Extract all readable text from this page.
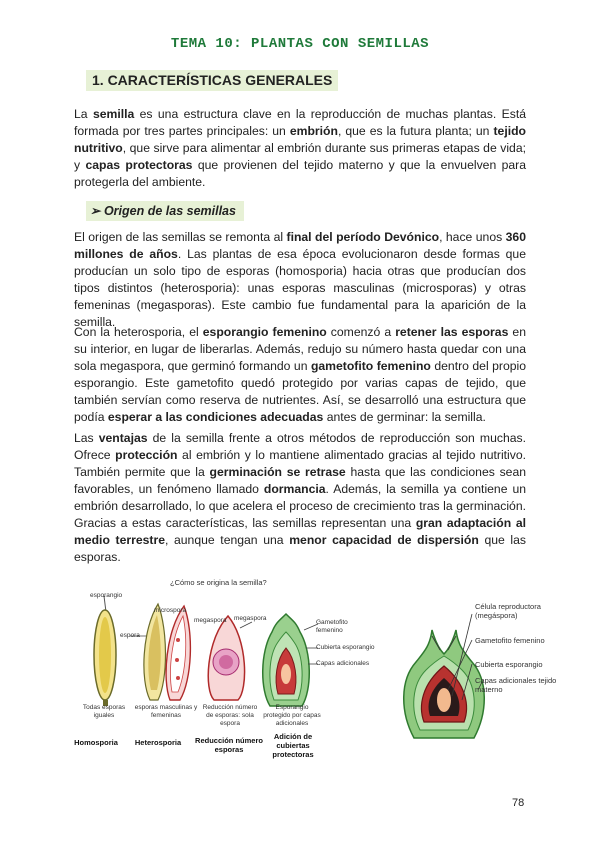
TEMA 10: PLANTAS CON SEMILLAS
1. CARACTERÍSTICAS GENERALES

La semilla es una estructura clave en la reproducción de muchas plantas. Está formada por tres partes principales: un embrión, que es la futura planta; un tejido nutritivo, que sirve para alimentar al embrión durante sus primeras etapas de vida; y capas protectoras que provienen del tejido materno y que la envuelven para protegerla del ambiente.

➢ Origen de las semillas

El origen de las semillas se remonta al final del período Devónico, hace unos 360 millones de años. Las plantas de esa época evolucionaron desde formas que producían un solo tipo de esporas (homosporia) hacia otras que producían dos tipos distintos (heterosporia): unas esporas masculinas (microsporas) y otras femeninas (megasporas). Este cambio fue fundamental para la aparición de la semilla.

Con la heterosporia, el esporangio femenino comenzó a retener las esporas en su interior, en lugar de liberarlas. Además, redujo su número hasta quedar con una sola megaspora, que germinó formando un gametofito femenino dentro del propio esporangio. Este gametofito quedó protegido por varias capas de tejido, que también servían como reserva de nutrientes. Así, se desarrolló una estructura que podía esperar a las condiciones adecuadas antes de germinar: la semilla.

Las ventajas de la semilla frente a otros métodos de reproducción son muchas. Ofrece protección al embrión y lo mantiene alimentado gracias al tejido nutritivo. También permite que la germinación se retrase hasta que las condiciones sean favorables, un fenómeno llamado dormancia. Además, la semilla ya contiene un embrión desarrollado, lo que acelera el proceso de crecimiento tras la germinación. Gracias a estas características, las semillas representan una gran adaptación al medio terrestre, aunque tengan una menor capacidad de dispersión que las esporas.

¿Cómo se origina la semilla?
esporangio
espora
microspora
megaspora megaspora
Gametofito femenino
Cubierta esporangio
Capas adicionales
Todas esporas iguales
esporas masculinas y femeninas
Reducción número de esporas: sola espora
Esporangio protegido por capas adicionales
Homosporia	Heterosporia	Reducción número esporas
Adición de cubiertas protectoras
Célula reproductora (megáspora)
Gametofito femenino
Cubierta esporangio
Capas adicionales tejido materno
78
